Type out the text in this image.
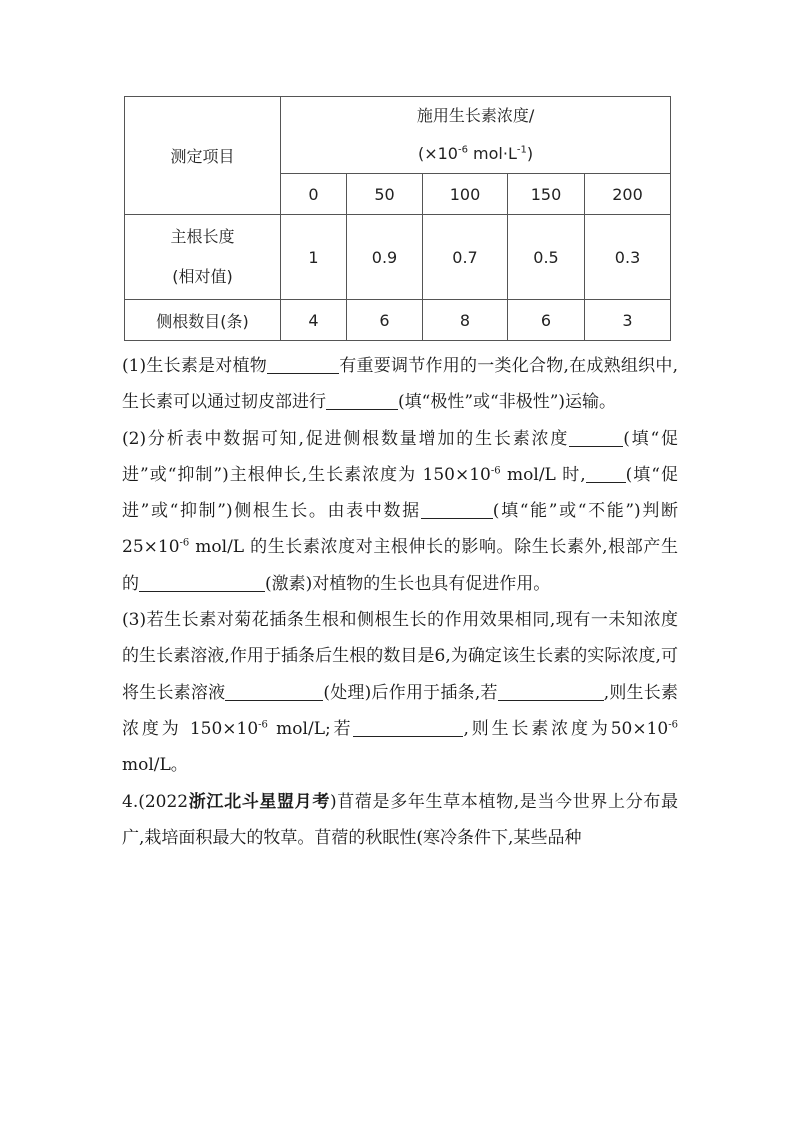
测定项目	施用生长素浓度/
($\times 10^{-6}$ $mol\cdot L^{-1}$)				

	0	50	100	150	200

主根长度
(相对值)	1	0.9	0.7	0.5	0.3
侧根数目(条)	4	6	8	6	3

(1)生长素是对植物	有重要调节作用的一类化合物,在成熟组织中,生长素可以通过韧皮部进行	(填“极性”或“非极性”)运输。

(2)分析表中数据可知,促进侧根数量增加的生长素浓度	(填“促进”或“抑制”)主根伸长,生长素浓度为 $150\times 10^{-6}$ mol/L 时, (填“促进”或“抑制”)侧根生长。由表中数据	(填“能”或“不能”)判断 $25\times 10^{-6}$ mol/L 的生长素浓度对主根伸长的影响。除生长素外,根部产生的	(激素)对植物的生长也具有促进作用。

(3)若生长素对菊花插条生根和侧根生长的作用效果相同,现有一未知浓度的生长素溶液,作用于插条后生根的数目是6,为确定该生长素的实际浓度,可将生长素溶液	(处理)后作用于插条,若	,则生长素浓度为 $150\times 10^{-6}$ mol/L;若	,则生长素浓度为$50\times 10^{-6}$ mol/L。

4.(2022浙江北斗星盟月考)苜蓿是多年生草本植物,是当今世界上分布最广,栽培面积最大的牧草。苜蓿的秋眠性(寒冷条件下,某些品种
